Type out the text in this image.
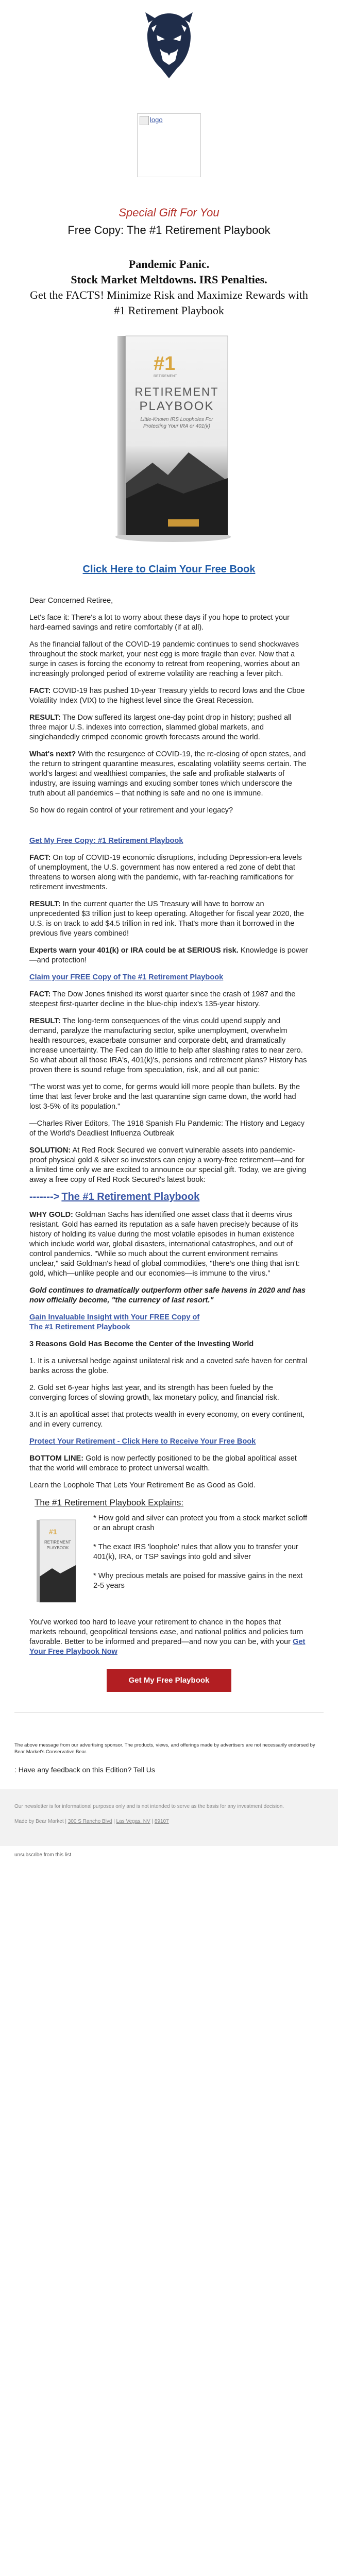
logo
Special Gift For You
Free Copy: The #1 Retirement Playbook
Pandemic Panic.
Stock Market Meltdowns. IRS Penalties.
Get the FACTS! Minimize Risk and Maximize Rewards with #1 Retirement Playbook
#1
RETIREMENT
RETIREMENT
PLAYBOOK
Little-Known IRS Loopholes For Protecting Your IRA or 401(k)
Click Here to Claim Your Free Book

Dear Concerned Retiree,

Let's face it: There's a lot to worry about these days if you hope to protect your hard-earned savings and retire comfortably (if at all).

As the financial fallout of the COVID-19 pandemic continues to send shockwaves throughout the stock market, your nest egg is more fragile than ever. Now that a surge in cases is forcing the economy to retreat from reopening, worries about an increasingly prolonged period of extreme volatility are reaching a fever pitch.

FACT: COVID-19 has pushed 10-year Treasury yields to record lows and the Cboe Volatility Index (VIX) to the highest level since the Great Recession.

RESULT: The Dow suffered its largest one-day point drop in history; pushed all three major U.S. indexes into correction, slammed global markets, and singlehandedly crimped economic growth forecasts around the world.

What's next? With the resurgence of COVID-19, the re-closing of open states, and the return to stringent quarantine measures, escalating volatility seems certain. The world's largest and wealthiest companies, the safe and profitable stalwarts of industry, are issuing warnings and exuding somber tones which underscore the truth about all pandemics – that nothing is safe and no one is immune.

So how do regain control of your retirement and your legacy?

Get My Free Copy: #1 Retirement Playbook

FACT: On top of COVID-19 economic disruptions, including Depression-era levels of unemployment, the U.S. government has now entered a red zone of debt that threatens to worsen along with the pandemic, with far-reaching ramifications for retirement investments.

RESULT: In the current quarter the US Treasury will have to borrow an unprecedented $3 trillion just to keep operating. Altogether for fiscal year 2020, the U.S. is on track to add $4.5 trillion in red ink. That's more than it borrowed in the previous five years combined!

Experts warn your 401(k) or IRA could be at SERIOUS risk. Knowledge is power—and protection!

Claim your FREE Copy of The #1 Retirement Playbook

FACT: The Dow Jones finished its worst quarter since the crash of 1987 and the steepest first-quarter decline in the blue-chip index's 135-year history.

RESULT: The long-term consequences of the virus could upend supply and demand, paralyze the manufacturing sector, spike unemployment, overwhelm health resources, exacerbate consumer and corporate debt, and dramatically increase uncertainty. The Fed can do little to help after slashing rates to near zero. So what about all those IRA's, 401(k)'s, pensions and retirement plans? History has proven there is sound refuge from speculation, risk, and all out panic:

"The worst was yet to come, for germs would kill more people than bullets. By the time that last fever broke and the last quarantine sign came down, the world had lost 3-5% of its population."

—Charles River Editors, The 1918 Spanish Flu Pandemic: The History and Legacy of the World's Deadliest Influenza Outbreak

SOLUTION: At Red Rock Secured we convert vulnerable assets into pandemic-proof physical gold & silver so investors can enjoy a worry-free retirement—and for a limited time only we are excited to announce our special gift. Today, we are giving away a free copy of Red Rock Secured's latest book:

-------> The #1 Retirement Playbook

WHY GOLD: Goldman Sachs has identified one asset class that it deems virus resistant. Gold has earned its reputation as a safe haven precisely because of its history of holding its value during the most volatile episodes in human existence which include world war, global disasters, international catastrophes, and out of control pandemics. "While so much about the current environment remains unclear," said Goldman's head of global commodities, "there's one thing that isn't: gold, which—unlike people and our economies—is immune to the virus."

Gold continues to dramatically outperform other safe havens in 2020 and has now officially become, "the currency of last resort."

Gain Invaluable Insight with Your FREE Copy of
The #1 Retirement Playbook

3 Reasons Gold Has Become the Center of the Investing World

1. It is a universal hedge against unilateral risk and a coveted safe haven for central banks across the globe.

2. Gold set 6-year highs last year, and its strength has been fueled by the converging forces of slowing growth, lax monetary policy, and financial risk.

3.It is an apolitical asset that protects wealth in every economy, on every continent, and in every currency.

Protect Your Retirement - Click Here to Receive Your Free Book

BOTTOM LINE: Gold is now perfectly positioned to be the global apolitical asset that the world will embrace to protect universal wealth.

Learn the Loophole That Lets Your Retirement Be as Good as Gold.

The #1 Retirement Playbook Explains:
#1
RETIREMENT
PLAYBOOK

* How gold and silver can protect you from a stock market selloff or an abrupt crash

* The exact IRS 'loophole' rules that allow you to transfer your 401(k), IRA, or TSP savings into gold and silver

* Why precious metals are poised for massive gains in the next 2-5 years

You've worked too hard to leave your retirement to chance in the hopes that markets rebound, geopolitical tensions ease, and national politics and policies turn favorable. Better to be informed and prepared—and now you can be, with your Get Your Free Playbook Now

Get My Free Playbook
The above message from our advertising sponsor. The products, views, and offerings made by advertisers are not necessarily endorsed by Bear Market's Conservative Bear.
: Have any feedback on this Edition? Tell Us
Our newsletter is for informational purposes only and is not intended to serve as the basis for any investment decision.
Made by Bear Market | 300 S Rancho Blvd | Las Vegas, NV | 89107
unsubscribe from this list
